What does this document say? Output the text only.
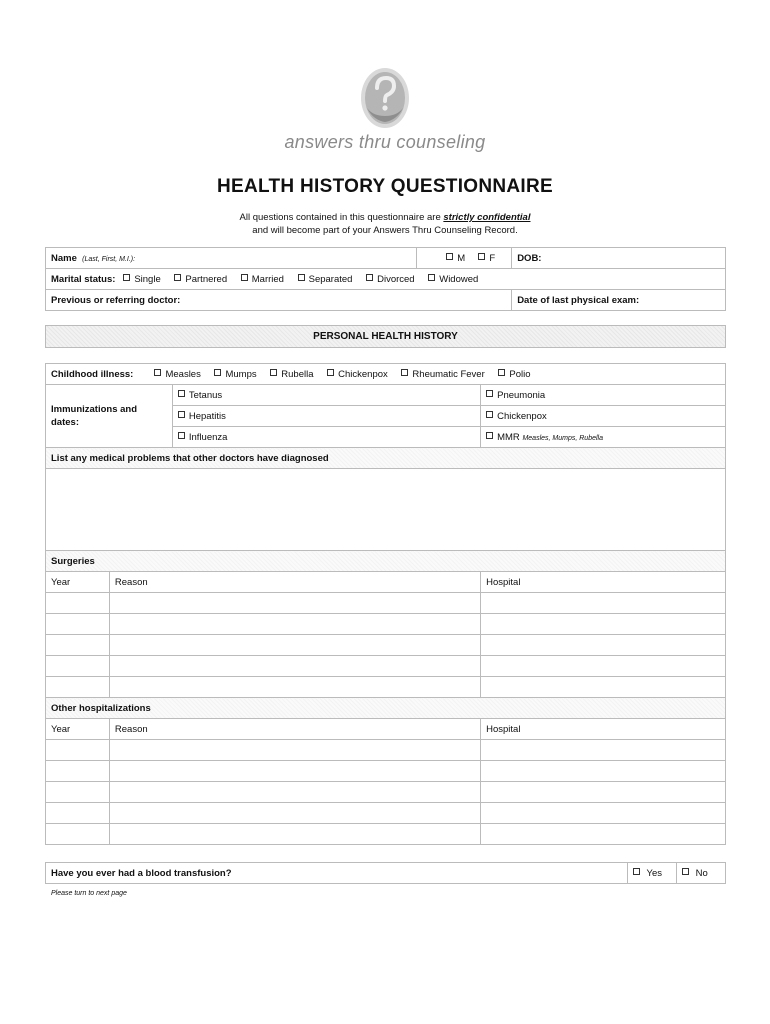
answers thru counseling
HEALTH HISTORY QUESTIONNAIRE
All questions contained in this questionnaire are strictly confidential
and will become part of your Answers Thru Counseling Record.
Name (Last, First, M.I.):	M F	DOB:
Marital status: Single Partnered Married Separated Divorced Widowed		
Previous or referring doctor:		Date of last physical exam:
PERSONAL HEALTH HISTORY
Childhood illness: Measles Mumps Rubella Chickenpox Rheumatic Fever Polio			

Immunizations and
dates:		Tetanus	Pneumonia
		Hepatitis	Chickenpox
		Influenza	MMR Measles, Mumps, Rubella
List any medical problems that other doctors have diagnosed			

Surgeries			
Year	Reason		Hospital

Other hospitalizations			
Year	Reason		Hospital

Have you ever had a blood transfusion?	Yes	No
Please turn to next page
